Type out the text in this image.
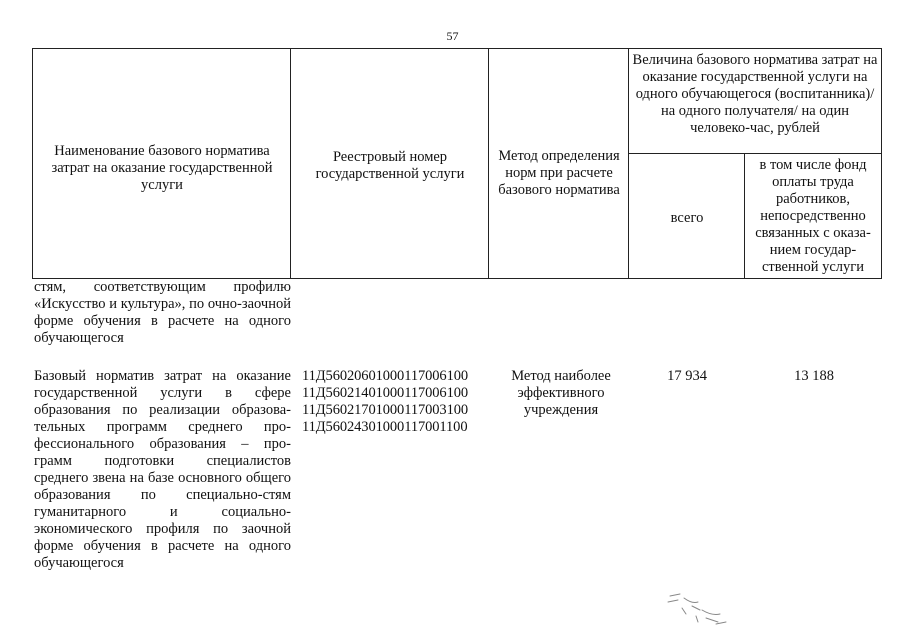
57
Наименование базового норматива затрат на оказание государственной услуги
Реестровый номер государственной услуги
Метод определения норм при расчете базового норматива
Величина базового норматива затрат на оказание государственной услуги на одного обучающегося (воспитанника)/ на одного получателя/ на один человеко-час, рублей
всего
в том числе фонд оплаты труда работников, непосредственно связанных с оказа-нием государ-ственной услуги
стям, соответствующим профилю «Искусство и культура», по очно-заочной форме обучения в расчете на одного обучающегося
Базовый норматив затрат на оказание государственной услуги в сфере образования по реализации образова-тельных программ среднего про-фессионального образования – про-грамм подготовки специалистов среднего звена на базе основного общего образования по специально-стям гуманитарного и социально-экономического профиля по заочной форме обучения в расчете на одного обучающегося
11Д56020601000117006100
11Д56021401000117006100
11Д56021701000117003100
11Д56024301000117001100
Метод наиболее эффективного учреждения
17 934	13 188
